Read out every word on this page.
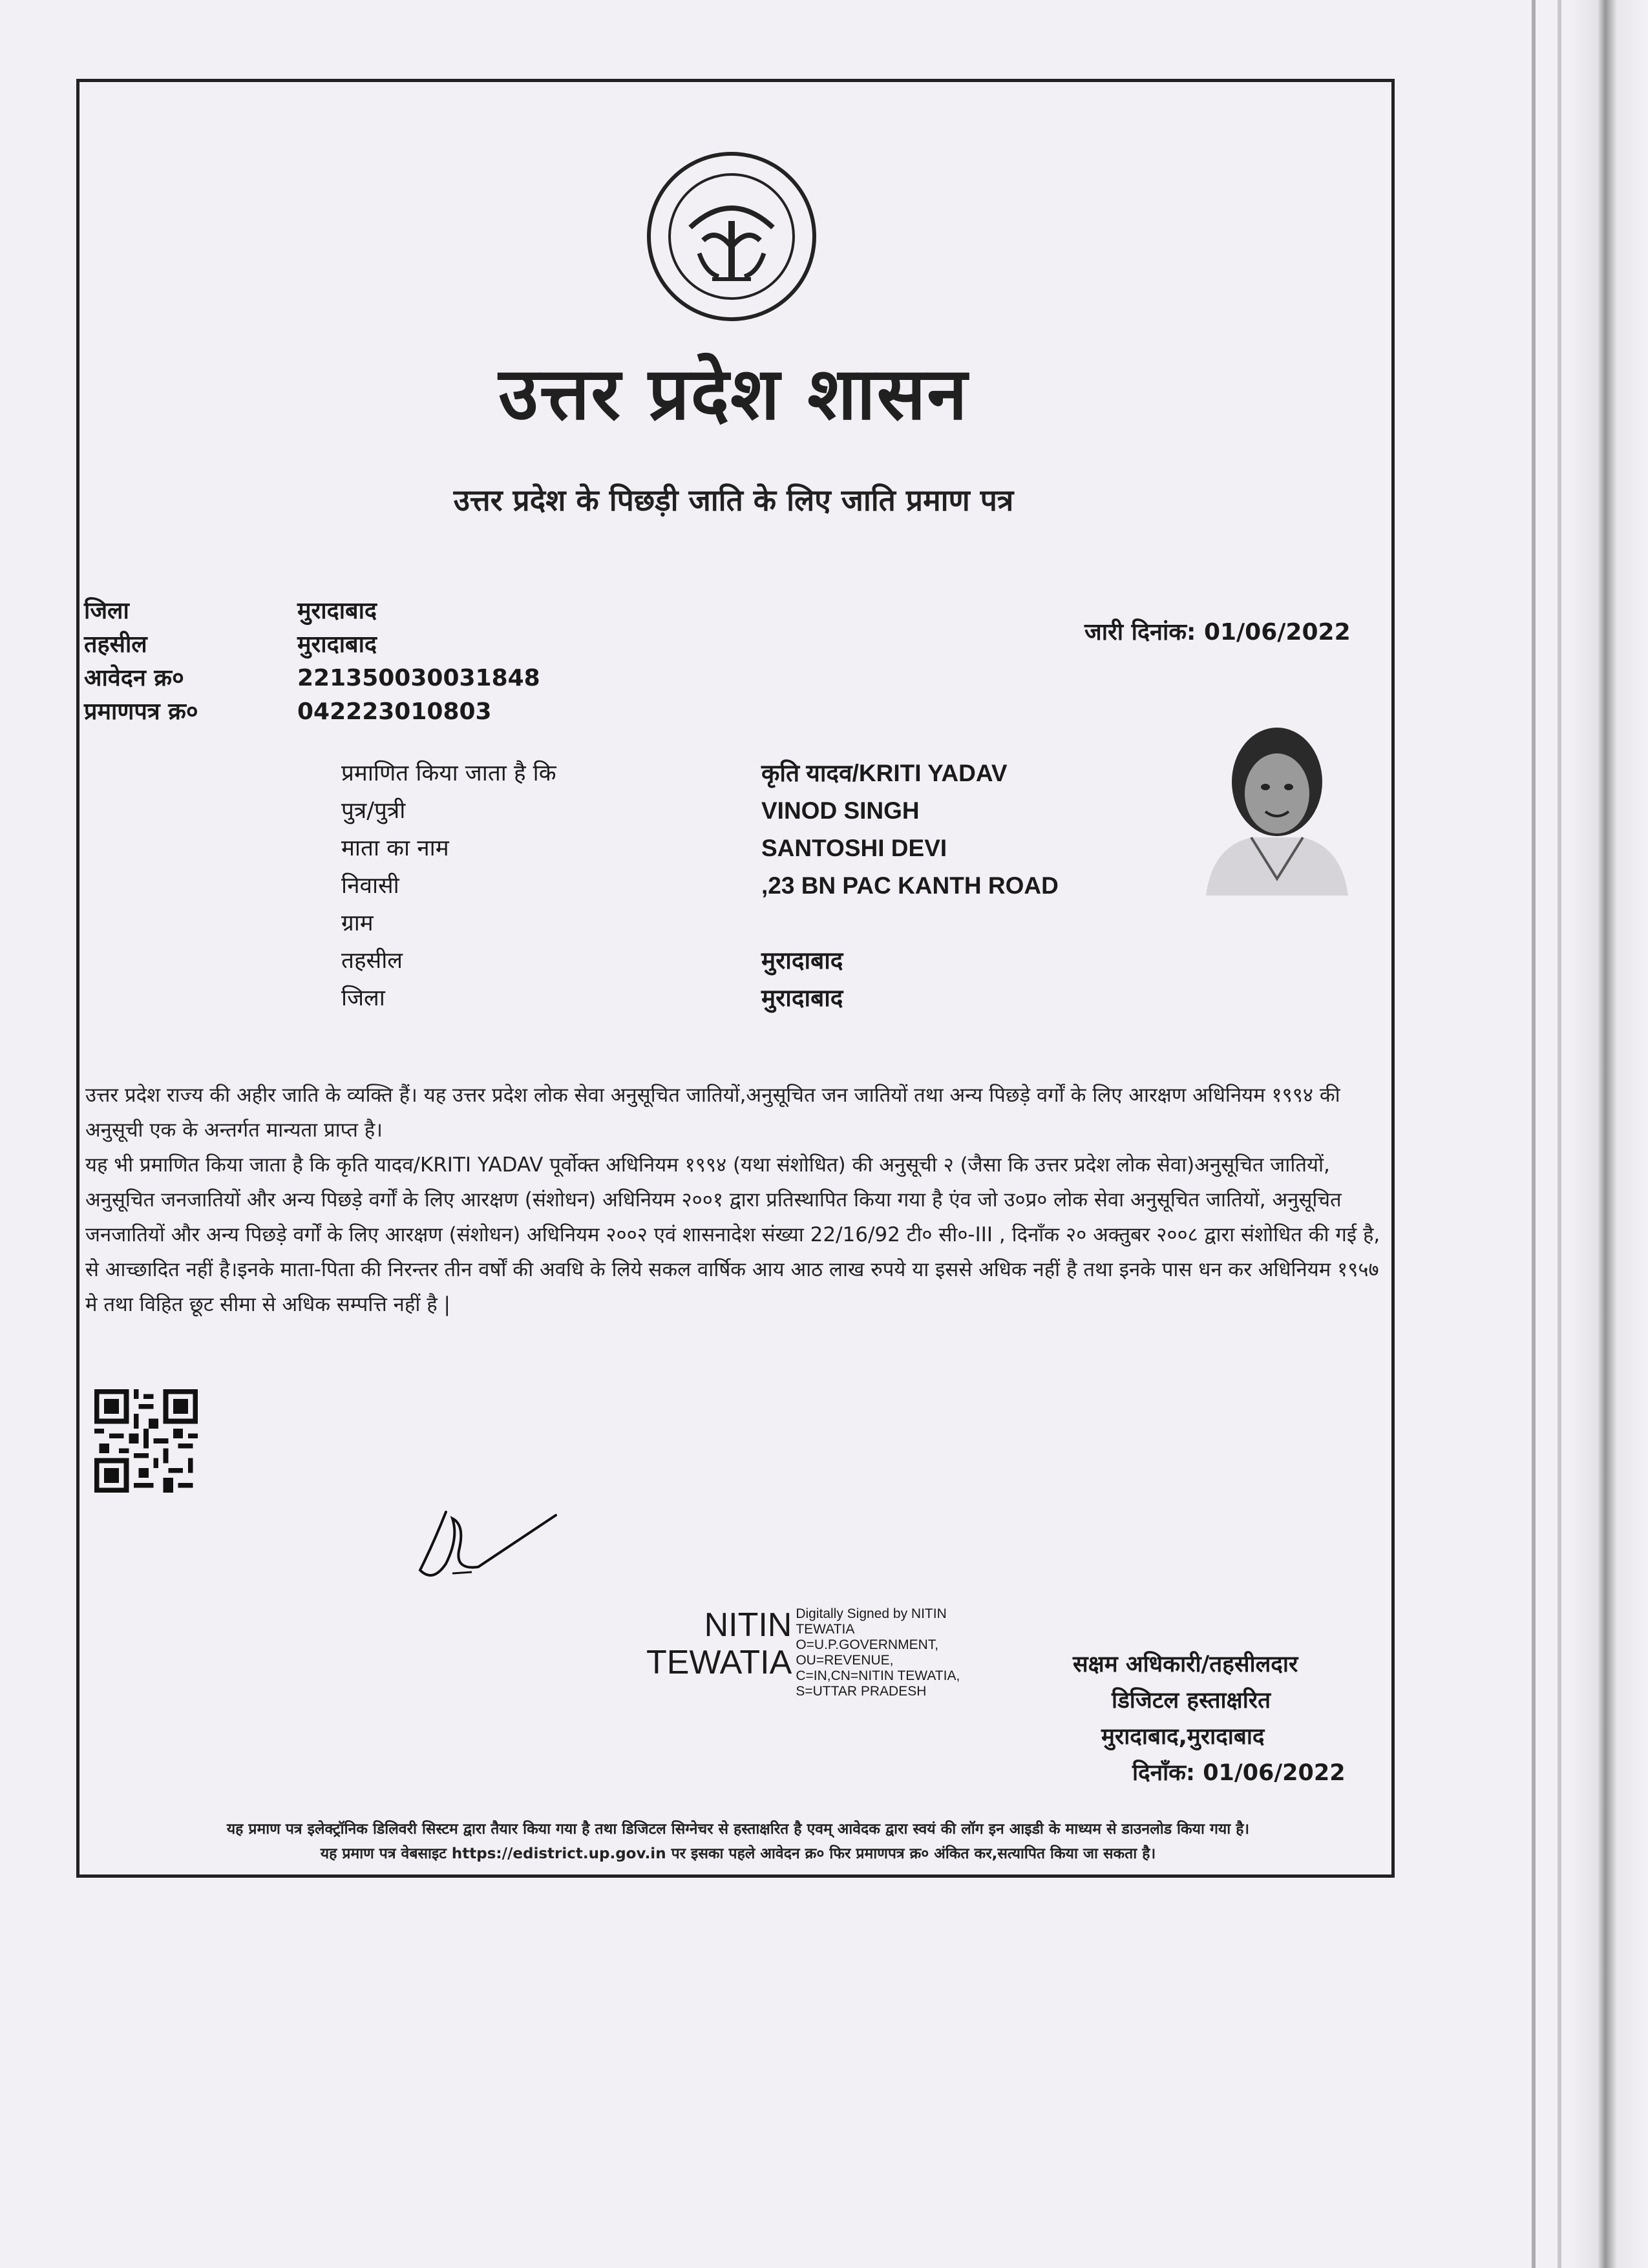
उत्तर प्रदेश शासन
उत्तर प्रदेश के पिछड़ी जाति के लिए जाति प्रमाण पत्र
जिला	मुरादाबाद
तहसील	मुरादाबाद
आवेदन क्र०	221350030031848
प्रमाणपत्र क्र०	042223010803
जारी दिनांक: 01/06/2022
प्रमाणित किया जाता है कि	कृति यादव/KRITI YADAV
पुत्र/पुत्री	VINOD SINGH
माता का नाम	SANTOSHI DEVI
निवासी	,23 BN PAC KANTH ROAD
ग्राम
तहसील	मुरादाबाद
जिला	मुरादाबाद

उत्तर प्रदेश राज्य की अहीर जाति के व्यक्ति हैं। यह उत्तर प्रदेश लोक सेवा अनुसूचित जातियों,अनुसूचित जन जातियों तथा अन्य पिछड़े वर्गों के लिए आरक्षण अधिनियम १९९४ की अनुसूची एक के अन्तर्गत मान्यता प्राप्त है।

यह भी प्रमाणित किया जाता है कि कृति यादव/KRITI YADAV पूर्वोक्त अधिनियम १९९४ (यथा संशोधित) की अनुसूची २ (जैसा कि उत्तर प्रदेश लोक सेवा)अनुसूचित जातियों, अनुसूचित जनजातियों और अन्य पिछड़े वर्गों के लिए आरक्षण (संशोधन) अधिनियम २००१ द्वारा प्रतिस्थापित किया गया है एंव जो उ०प्र० लोक सेवा अनुसूचित जातियों, अनुसूचित जनजातियों और अन्य पिछड़े वर्गों के लिए आरक्षण (संशोधन) अधिनियम २००२ एवं शासनादेश संख्या 22/16/92 टी० सी०-III , दिनाँक २० अक्तुबर २००८ द्वारा संशोधित की गई है, से आच्छादित नहीं है।इनके माता-पिता की निरन्तर तीन वर्षों की अवधि के लिये सकल वार्षिक आय आठ लाख रुपये या इससे अधिक नहीं है तथा इनके पास धन कर अधिनियम १९५७ मे तथा विहित छूट सीमा से अधिक सम्पत्ति नहीं है |

NITIN
TEWATIA
Digitally Signed by NITIN
TEWATIA
O=U.P.GOVERNMENT,
OU=REVENUE,
C=IN,CN=NITIN TEWATIA,
S=UTTAR PRADESH
सक्षम अधिकारी/तहसीलदार
डिजिटल हस्ताक्षरित
मुरादाबाद,मुरादाबाद
दिनाँक: 01/06/2022
यह प्रमाण पत्र इलेक्ट्रॉनिक डिलिवरी सिस्टम द्वारा तैयार किया गया है तथा डिजिटल सिग्नेचर से हस्ताक्षरित है एवम् आवेदक द्वारा स्वयं की लॉग इन आइडी के माध्यम से डाउनलोड किया गया है।
यह प्रमाण पत्र वेबसाइट https://edistrict.up.gov.in पर इसका पहले आवेदन क्र० फिर प्रमाणपत्र क्र० अंकित कर,सत्यापित किया जा सकता है।
